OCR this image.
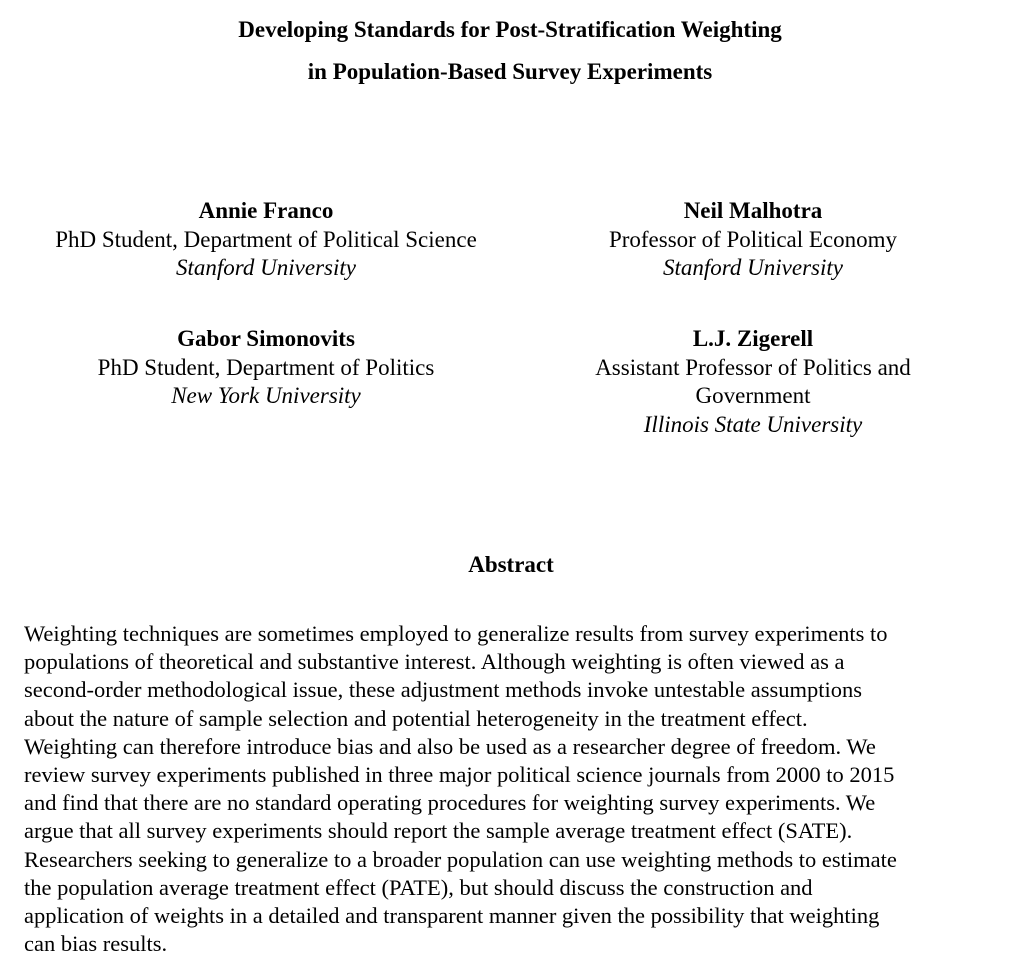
Developing Standards for Post-Stratification Weighting
in Population-Based Survey Experiments
Annie Franco
PhD Student, Department of Political Science
Stanford University
Neil Malhotra
Professor of Political Economy
Stanford University
Gabor Simonovits
PhD Student, Department of Politics
New York University
L.J. Zigerell
Assistant Professor of Politics and
Government
Illinois State University
Abstract

Weighting techniques are sometimes employed to generalize results from survey experiments to
populations of theoretical and substantive interest. Although weighting is often viewed as a
second-order methodological issue, these adjustment methods invoke untestable assumptions
about the nature of sample selection and potential heterogeneity in the treatment effect.
Weighting can therefore introduce bias and also be used as a researcher degree of freedom. We
review survey experiments published in three major political science journals from 2000 to 2015
and find that there are no standard operating procedures for weighting survey experiments. We
argue that all survey experiments should report the sample average treatment effect (SATE).
Researchers seeking to generalize to a broader population can use weighting methods to estimate
the population average treatment effect (PATE), but should discuss the construction and
application of weights in a detailed and transparent manner given the possibility that weighting
can bias results.
